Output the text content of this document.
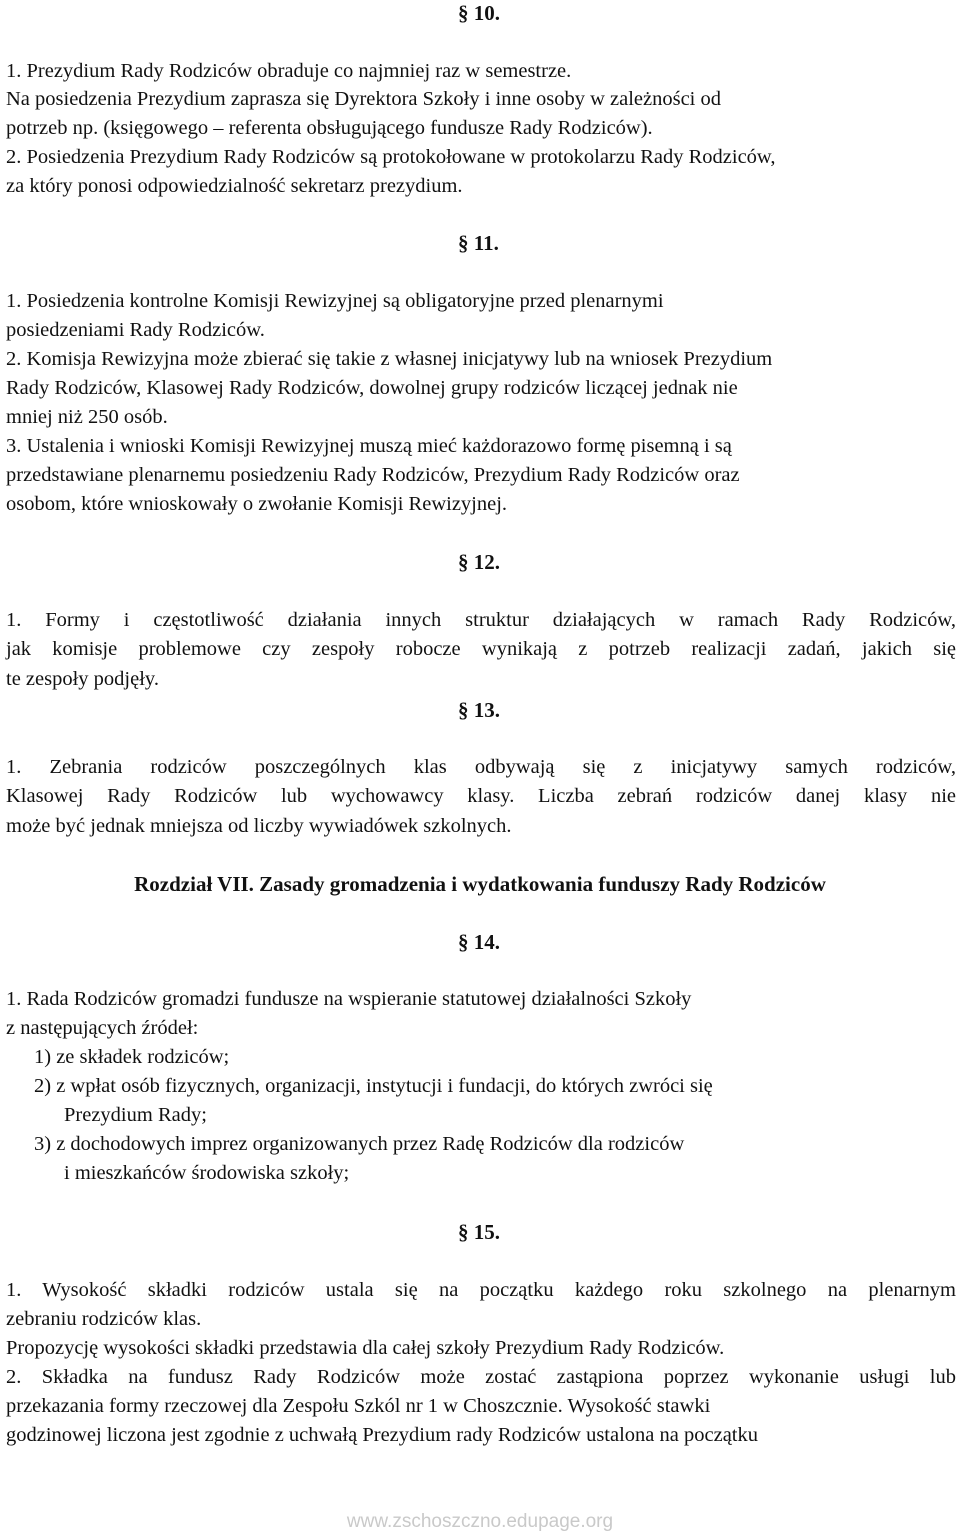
§ 10.
1. Prezydium Rady Rodziców obraduje co najmniej raz w semestrze.
Na posiedzenia Prezydium zaprasza się Dyrektora Szkoły i inne osoby w zależności od
potrzeb np. (księgowego – referenta obsługującego fundusze Rady Rodziców).
2. Posiedzenia Prezydium Rady Rodziców są protokołowane w protokolarzu Rady Rodziców,
za który ponosi odpowiedzialność sekretarz prezydium.
§ 11.
1. Posiedzenia kontrolne Komisji Rewizyjnej są obligatoryjne przed plenarnymi
posiedzeniami Rady Rodziców.
2. Komisja Rewizyjna może zbierać się takie z własnej inicjatywy lub na wniosek Prezydium
Rady Rodziców, Klasowej Rady Rodziców, dowolnej grupy rodziców liczącej jednak nie
mniej niż 250 osób.
3. Ustalenia i wnioski Komisji Rewizyjnej muszą mieć każdorazowo formę pisemną i są
przedstawiane plenarnemu posiedzeniu Rady Rodziców, Prezydium Rady Rodziców oraz
osobom, które wnioskowały o zwołanie Komisji Rewizyjnej.
§ 12.
1. Formy i częstotliwość działania innych struktur działających w ramach Rady Rodziców,
jak komisje problemowe czy zespoły robocze wynikają z potrzeb realizacji zadań, jakich się
te zespoły podjęły.
§ 13.
1. Zebrania rodziców poszczególnych klas odbywają się z inicjatywy samych rodziców,
Klasowej Rady Rodziców lub wychowawcy klasy. Liczba zebrań rodziców danej klasy nie
może być jednak mniejsza od liczby wywiadówek szkolnych.
Rozdział VII. Zasady gromadzenia i wydatkowania funduszy Rady Rodziców
§ 14.
1. Rada Rodziców gromadzi fundusze na wspieranie statutowej działalności Szkoły
z następujących źródeł:
1) ze składek rodziców;
2) z wpłat osób fizycznych, organizacji, instytucji i fundacji, do których zwróci się
Prezydium Rady;
3) z dochodowych imprez organizowanych przez Radę Rodziców dla rodziców
i mieszkańców środowiska szkoły;
§ 15.
1. Wysokość składki rodziców ustala się na początku każdego roku szkolnego na plenarnym
zebraniu rodziców klas.
Propozycję wysokości składki przedstawia dla całej szkoły Prezydium Rady Rodziców.
2. Składka na fundusz Rady Rodziców może zostać zastąpiona poprzez wykonanie usługi lub
przekazania formy rzeczowej dla Zespołu Szkól nr 1 w Choszcznie. Wysokość stawki
godzinowej liczona jest zgodnie z uchwałą Prezydium rady Rodziców ustalona na początku
www.zschoszczno.edupage.org
